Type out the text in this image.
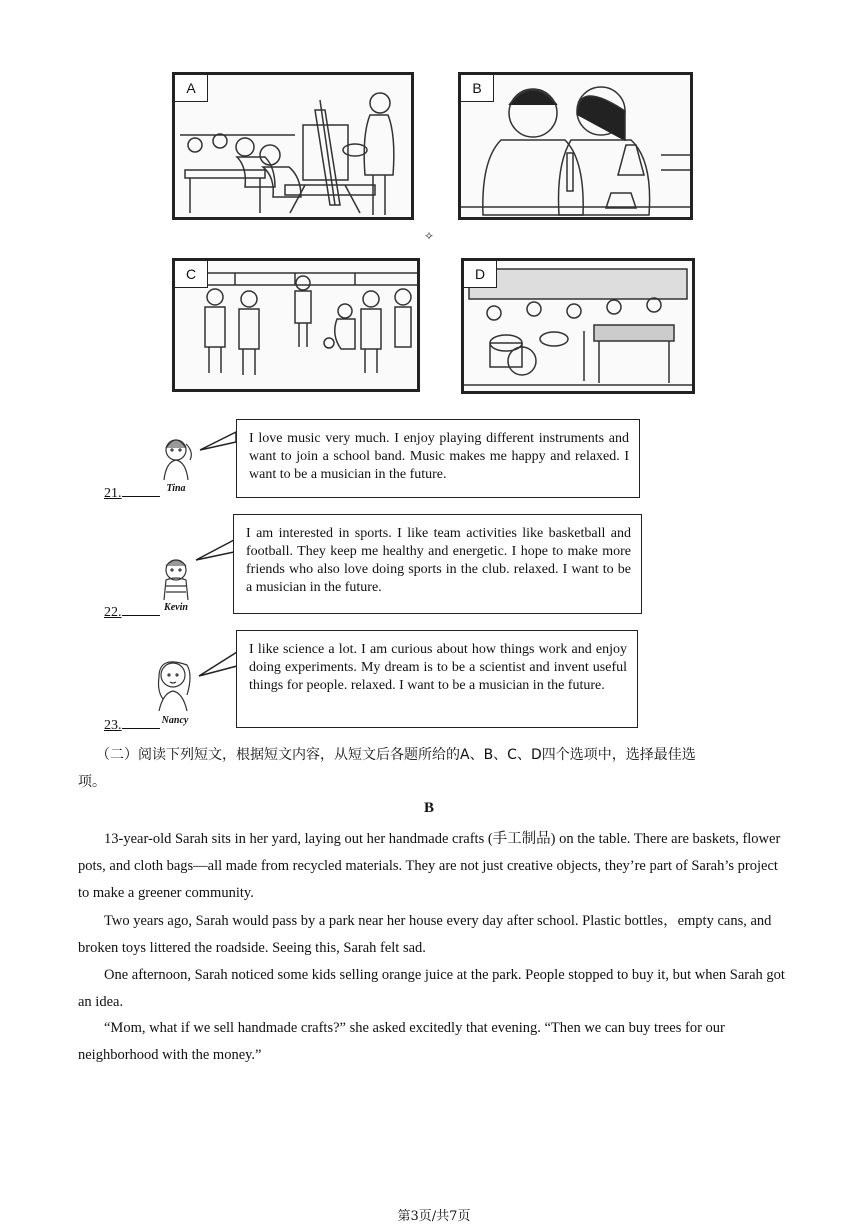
A	B
⟡
C	D
21.	Tina
I love music very much. I enjoy playing different instruments and want to join a school band. Music makes me happy and relaxed. I want to be a musician in the future.
22.	Kevin
I am interested in sports. I like team activities like basketball and football. They keep me healthy and energetic. I hope to make more friends who also love doing sports in the club. relaxed. I want to be a musician in the future.
23.	Nancy
I like science a lot. I am curious about how things work and enjoy doing experiments. My dream is to be a scientist and invent useful things for people. relaxed. I want to be a musician in the future.
（二）阅读下列短文，根据短文内容，从短文后各题所给的A、B、C、D四个选项中，选择最佳选
项。
B
13-year-old Sarah sits in her yard, laying out her handmade crafts (手工制品) on the table. There are baskets, flower pots, and cloth bags—all made from recycled materials. They are not just creative objects, they’re part of Sarah’s project to make a greener community.
Two years ago, Sarah would pass by a park near her house every day after school. Plastic bottles，empty cans, and broken toys littered the roadside. Seeing this, Sarah felt sad.
One afternoon, Sarah noticed some kids selling orange juice at the park. People stopped to buy it, but when Sarah got an idea.
“Mom, what if we sell handmade crafts?” she asked excitedly that evening. “Then we can buy trees for our neighborhood with the money.”
第3页/共7页
